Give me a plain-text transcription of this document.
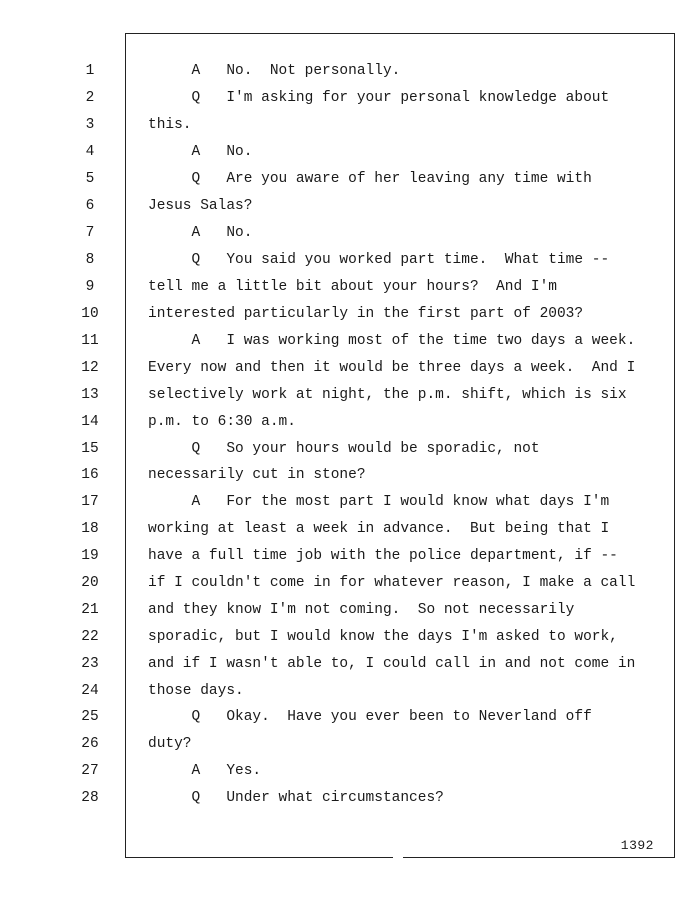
1
2
3
4
5
6
7
8
9
10
11
12
13
14
15
16
17
18
19
20
21
22
23
24
25
26
27
28
A   No.  Not personally.
Q   I'm asking for your personal knowledge about
this.
A   No.
Q   Are you aware of her leaving any time with
Jesus Salas?
A   No.
Q   You said you worked part time.  What time --
tell me a little bit about your hours?  And I'm
interested particularly in the first part of 2003?
A   I was working most of the time two days a week.
Every now and then it would be three days a week.  And I
selectively work at night, the p.m. shift, which is six
p.m. to 6:30 a.m.
Q   So your hours would be sporadic, not
necessarily cut in stone?
A   For the most part I would know what days I'm
working at least a week in advance.  But being that I
have a full time job with the police department, if --
if I couldn't come in for whatever reason, I make a call
and they know I'm not coming.  So not necessarily
sporadic, but I would know the days I'm asked to work,
and if I wasn't able to, I could call in and not come in
those days.
Q   Okay.  Have you ever been to Neverland off
duty?
A   Yes.
Q   Under what circumstances?
1392
